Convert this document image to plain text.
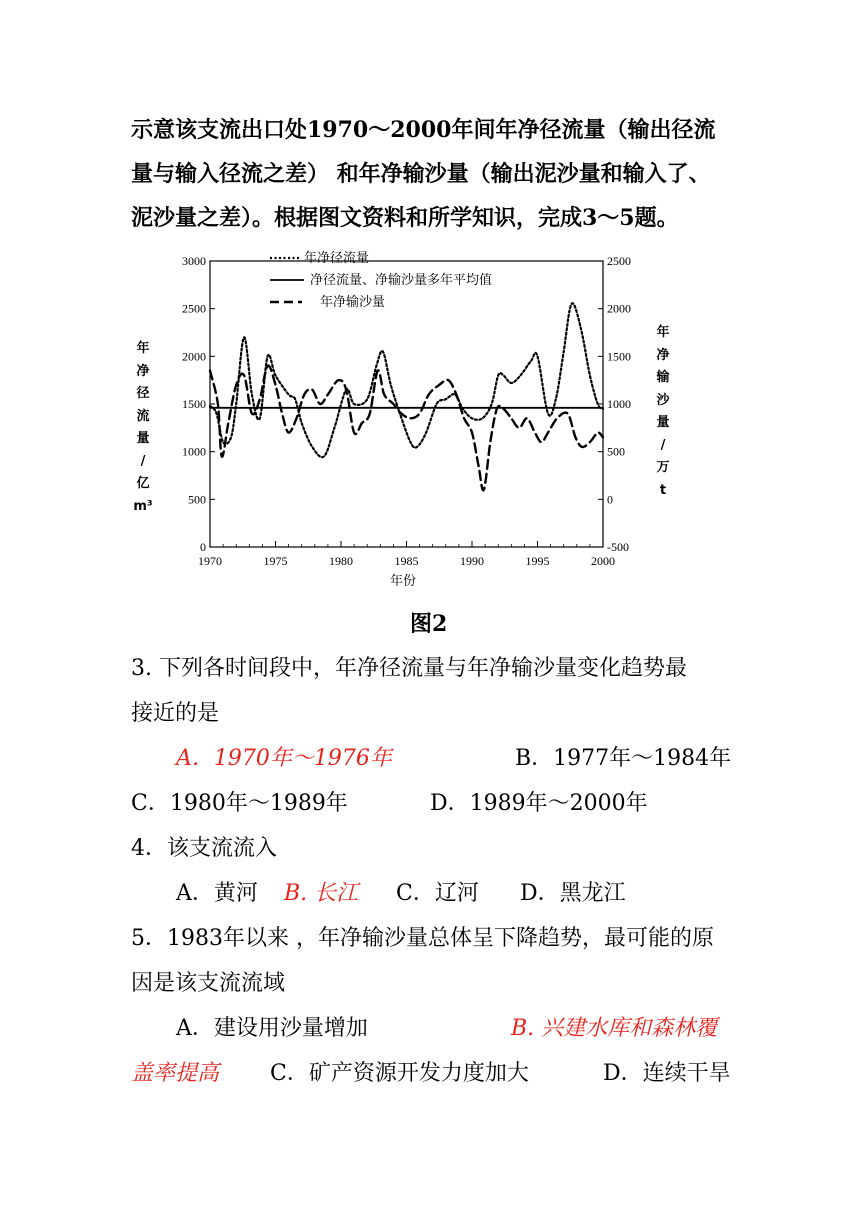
示意该支流出口处1970～2000年间年净径流量（输出径流
量与输入径流之差） 和年净输沙量（输出泥沙量和输入了、
泥沙量之差）。根据图文资料和所学知识，完成3～5题。
3000
2500
2000
1500
1000
500
0
2500
2000
1500
1000
500
0
-500
1970	1975	1980	1985	1990	1995	2000
年净径流量
净径流量、净输沙量多年平均值
年净输沙量
年
净
径
流
量
/
亿
m³
年
净
输
沙
量
/
万
t
年份
图2
3. 下列各时间段中，年净径流量与年净输沙量变化趋势最
接近的是
A．1970年～1976年	B．1977年～1984年
C．1980年～1989年	D．1989年～2000年
4．该支流流入
A．黄河 B. 长江 C．辽河 D．黑龙江
5．1983年以来 ，年净输沙量总体呈下降趋势，最可能的原
因是该支流流域
A．建设用沙量增加	B. 兴建水库和森林覆
盖率提高 C．矿产资源开发力度加大	D．连续干旱
